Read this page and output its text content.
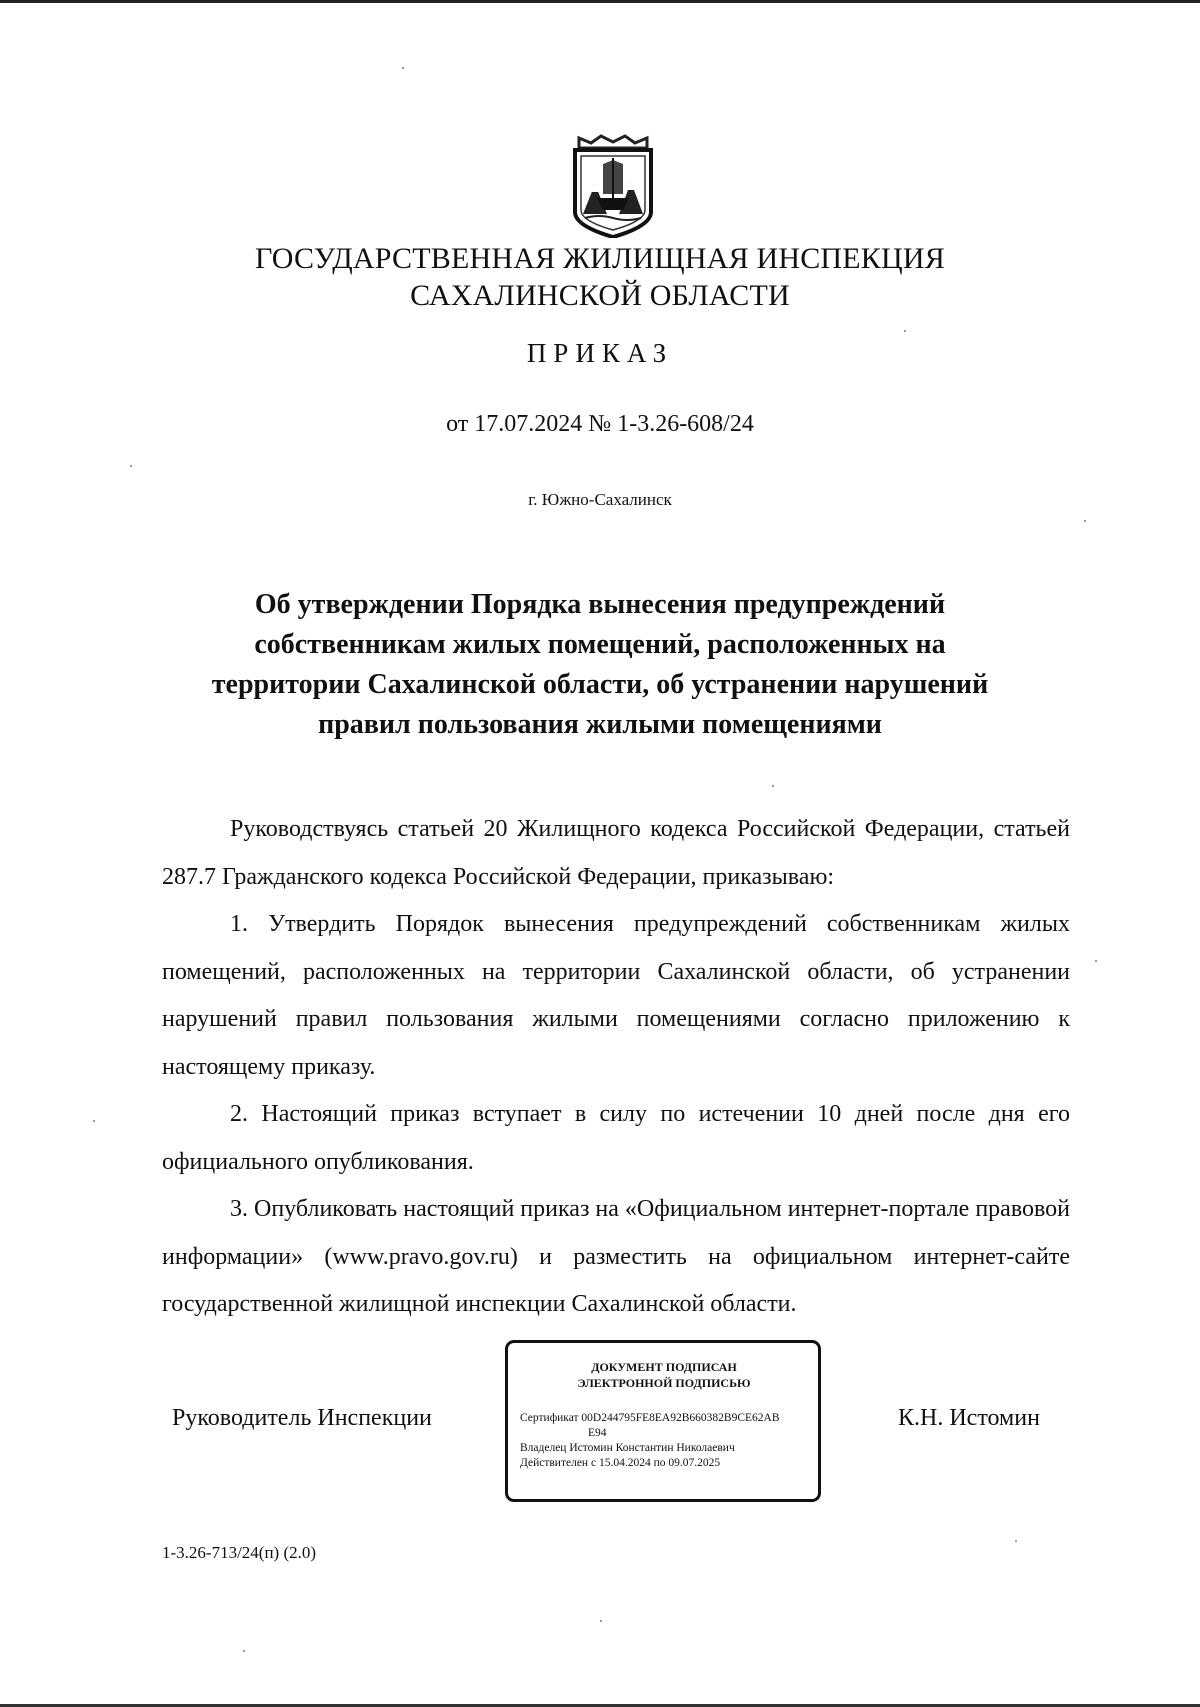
ГОСУДАРСТВЕННАЯ ЖИЛИЩНАЯ ИНСПЕКЦИЯ
САХАЛИНСКОЙ ОБЛАСТИ
ПРИКАЗ
от 17.07.2024 № 1-3.26-608/24
г. Южно-Сахалинск
Об утверждении Порядка вынесения предупреждений
собственникам жилых помещений, расположенных на
территории Сахалинской области, об устранении нарушений
правил пользования жилыми помещениями

Руководствуясь статьей 20 Жилищного кодекса Российской Федерации, статьей 287.7 Гражданского кодекса Российской Федерации, приказываю:

1. Утвердить Порядок вынесения предупреждений собственникам жилых помещений, расположенных на территории Сахалинской области, об устранении нарушений правил пользования жилыми помещениями согласно приложению к настоящему приказу.

2. Настоящий приказ вступает в силу по истечении 10 дней после дня его официального опубликования.

3. Опубликовать настоящий приказ на «Официальном интернет-портале правовой информации» (www.pravo.gov.ru) и разместить на официальном интернет-сайте государственной жилищной инспекции Сахалинской области.

Руководитель Инспекции
ДОКУМЕНТ ПОДПИСАН
ЭЛЕКТРОННОЙ ПОДПИСЬЮ
Сертификат 00D244795FE8EA92B660382B9CE62AB
E94
Владелец Истомин Константин Николаевич
Действителен с 15.04.2024 по 09.07.2025
К.Н. Истомин
1-3.26-713/24(п) (2.0)
